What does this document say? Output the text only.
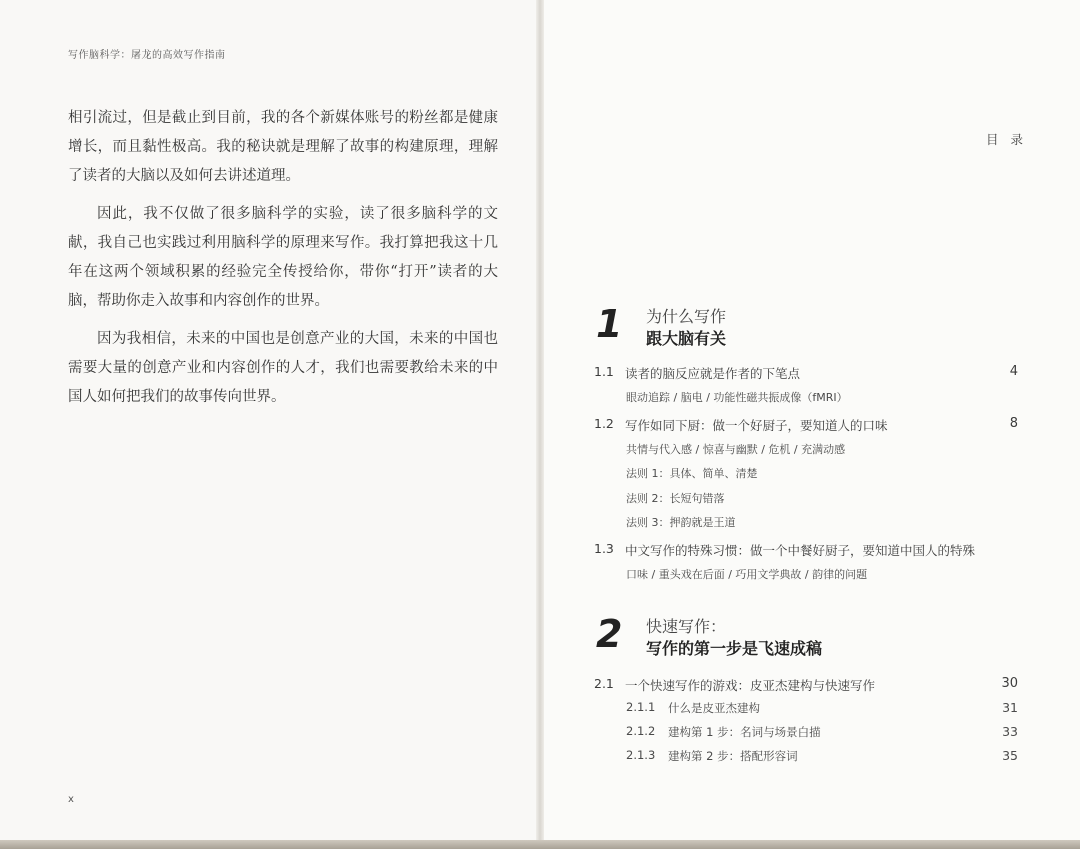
写作脑科学：屠龙的高效写作指南

相引流过，但是截止到目前，我的各个新媒体账号的粉丝都是健康增长，而且黏性极高。我的秘诀就是理解了故事的构建原理，理解了读者的大脑以及如何去讲述道理。

因此，我不仅做了很多脑科学的实验，读了很多脑科学的文献，我自己也实践过利用脑科学的原理来写作。我打算把我这十几年在这两个领域积累的经验完全传授给你，带你“打开”读者的大脑，帮助你走入故事和内容创作的世界。

因为我相信，未来的中国也是创意产业的大国，未来的中国也需要大量的创意产业和内容创作的人才，我们也需要教给未来的中国人如何把我们的故事传向世界。

x
目 录
1 为什么写作
跟大脑有关
1.1 读者的脑反应就是作者的下笔点	4
眼动追踪 / 脑电 / 功能性磁共振成像（fMRI）
1.2 写作如同下厨：做一个好厨子，要知道人的口味	8
共情与代入感 / 惊喜与幽默 / 危机 / 充满动感
法则 1：具体、简单、清楚
法则 2：长短句错落
法则 3：押韵就是王道
1.3 中文写作的特殊习惯：做一个中餐好厨子，要知道中国人的特殊
口味 / 重头戏在后面 / 巧用文学典故 / 韵律的问题
2 快速写作：
写作的第一步是飞速成稿
2.1 一个快速写作的游戏：皮亚杰建构与快速写作	30
2.1.1 什么是皮亚杰建构	31
2.1.2 建构第 1 步：名词与场景白描	33
2.1.3 建构第 2 步：搭配形容词	35
